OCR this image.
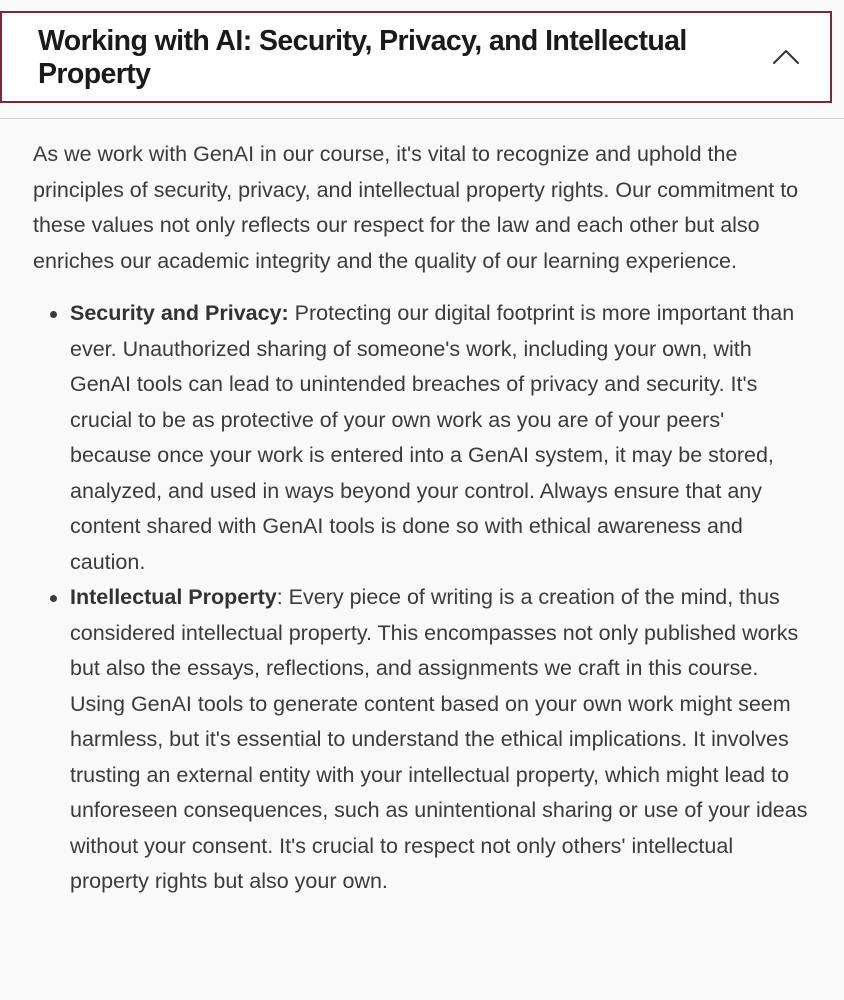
Working with AI: Security, Privacy, and Intellectual Property

As we work with GenAI in our course, it's vital to recognize and uphold the principles of security, privacy, and intellectual property rights. Our commitment to these values not only reflects our respect for the law and each other but also enriches our academic integrity and the quality of our learning experience.

Security and Privacy: Protecting our digital footprint is more important than ever. Unauthorized sharing of someone's work, including your own, with GenAI tools can lead to unintended breaches of privacy and security. It's crucial to be as protective of your own work as you are of your peers' because once your work is entered into a GenAI system, it may be stored, analyzed, and used in ways beyond your control. Always ensure that any content shared with GenAI tools is done so with ethical awareness and caution.
Intellectual Property: Every piece of writing is a creation of the mind, thus considered intellectual property. This encompasses not only published works but also the essays, reflections, and assignments we craft in this course. Using GenAI tools to generate content based on your own work might seem harmless, but it's essential to understand the ethical implications. It involves trusting an external entity with your intellectual property, which might lead to unforeseen consequences, such as unintentional sharing or use of your ideas without your consent. It's crucial to respect not only others' intellectual property rights but also your own.
